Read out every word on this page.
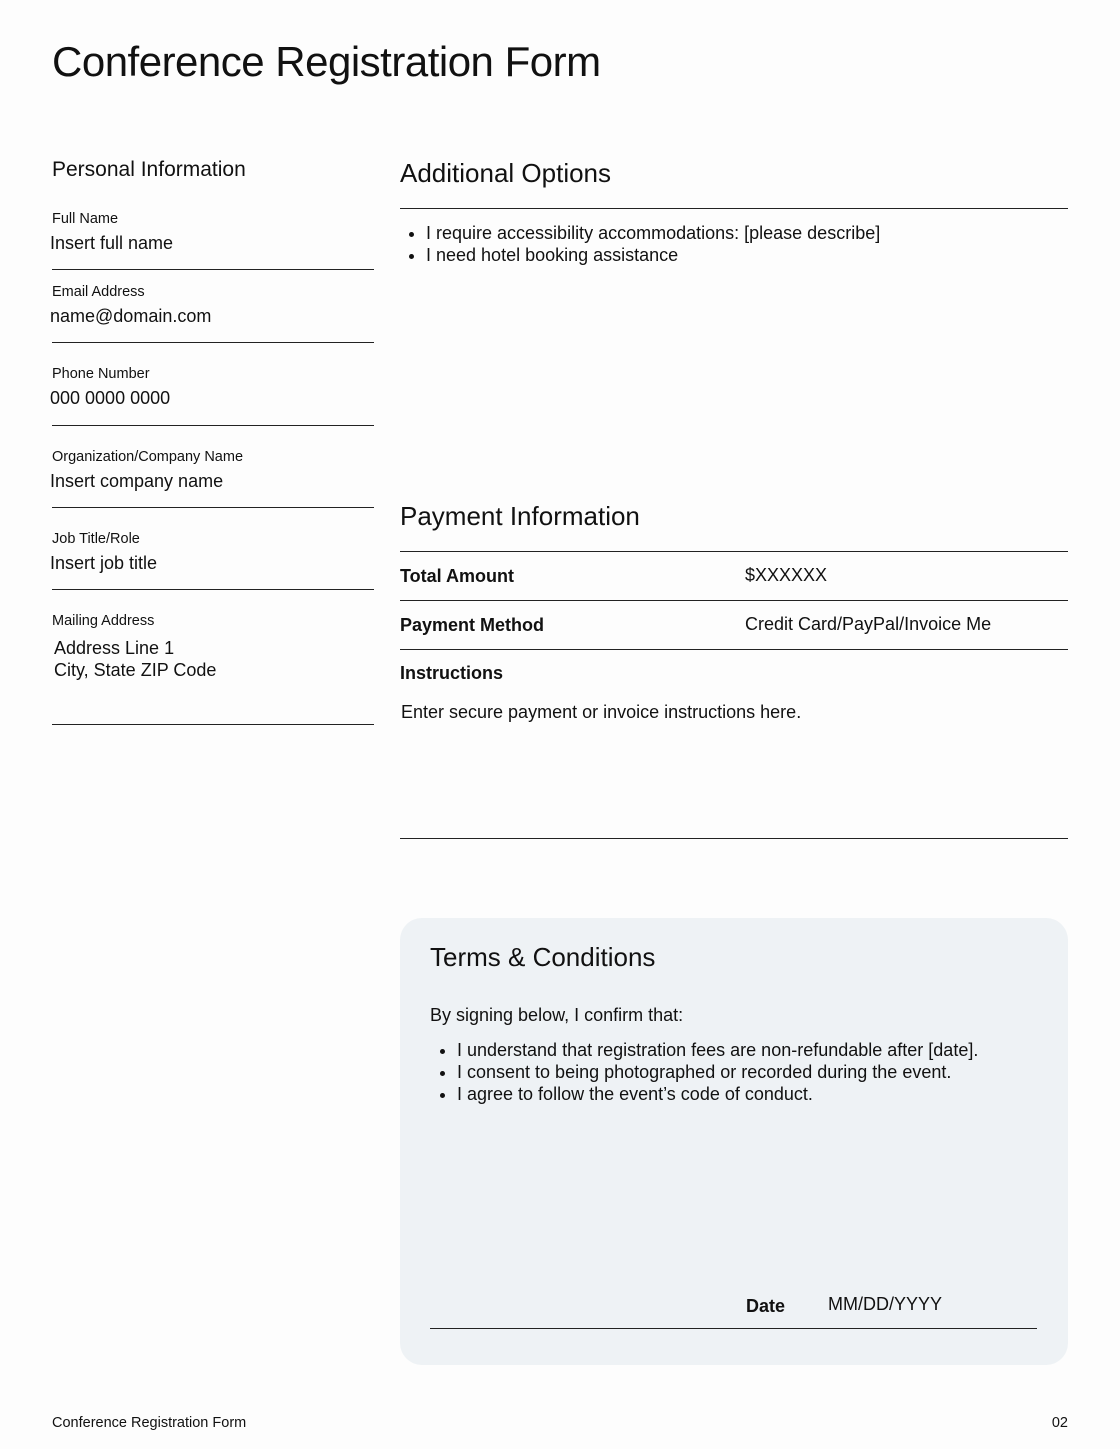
Conference Registration Form
Personal Information
Full Name
Insert full name
Email Address
name@domain.com
Phone Number
000 0000 0000
Organization/Company Name
Insert company name
Job Title/Role
Insert job title
Mailing Address
Address Line 1
City, State ZIP Code
Additional Options
• I require accessibility accommodations: [please describe]
• I need hotel booking assistance
Payment Information
Total Amount	$XXXXXX
Payment Method	Credit Card/PayPal/Invoice Me
Instructions
Enter secure payment or invoice instructions here.
Terms & Conditions
By signing below, I confirm that:
• I understand that registration fees are non-refundable after [date].
• I consent to being photographed or recorded during the event.
• I agree to follow the event’s code of conduct.
Date MM/DD/YYYY
Conference Registration Form	02
